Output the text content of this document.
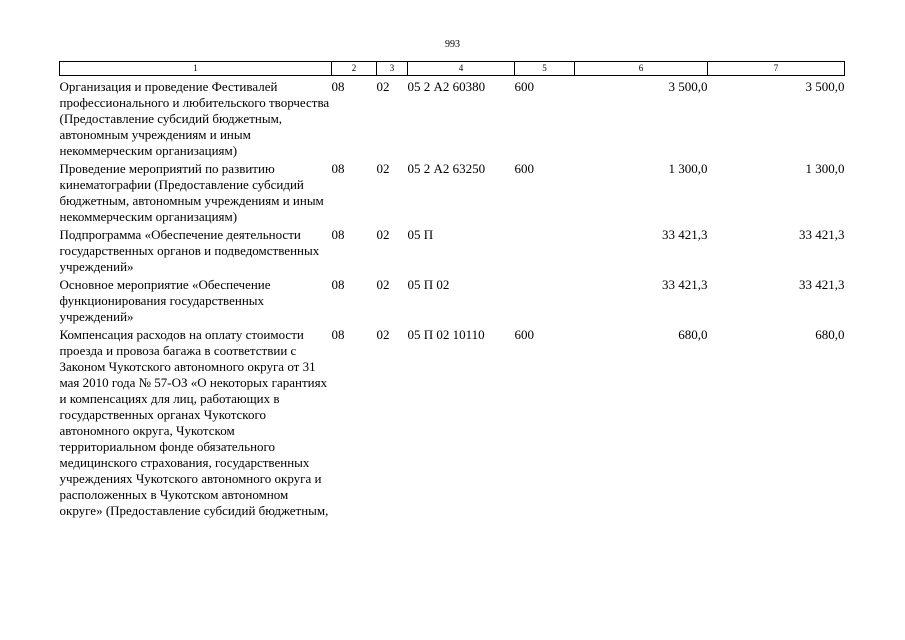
993
1	2	3	4	5	6	7
Организация и проведение Фестивалей профессионального и любительского творчества (Предоставление субсидий бюджетным, автономным учреждениям и иным некоммерческим организациям)	08	02	05 2 А2 60380	600	3 500,0	3 500,0
Проведение мероприятий по развитию кинематографии (Предоставление субсидий бюджетным, автономным учреждениям и иным некоммерческим организациям)	08	02	05 2 А2 63250	600	1 300,0	1 300,0
Подпрограмма «Обеспечение деятельности государственных органов и подведомственных учреждений»	08	02	05 П		33 421,3	33 421,3
Основное мероприятие «Обеспечение функционирования государственных учреждений»	08	02	05 П 02		33 421,3	33 421,3
Компенсация расходов на оплату стоимости проезда и провоза багажа в соответствии с Законом Чукотского автономного округа от 31 мая 2010 года № 57-ОЗ «О некоторых гарантиях и компенсациях для лиц, работающих в государственных органах Чукотского автономного округа, Чукотском территориальном фонде обязательного медицинского страхования, государственных учреждениях Чукотского автономного округа и расположенных в Чукотском автономном округе» (Предоставление субсидий бюджетным,	08	02	05 П 02 10110	600	680,0	680,0
